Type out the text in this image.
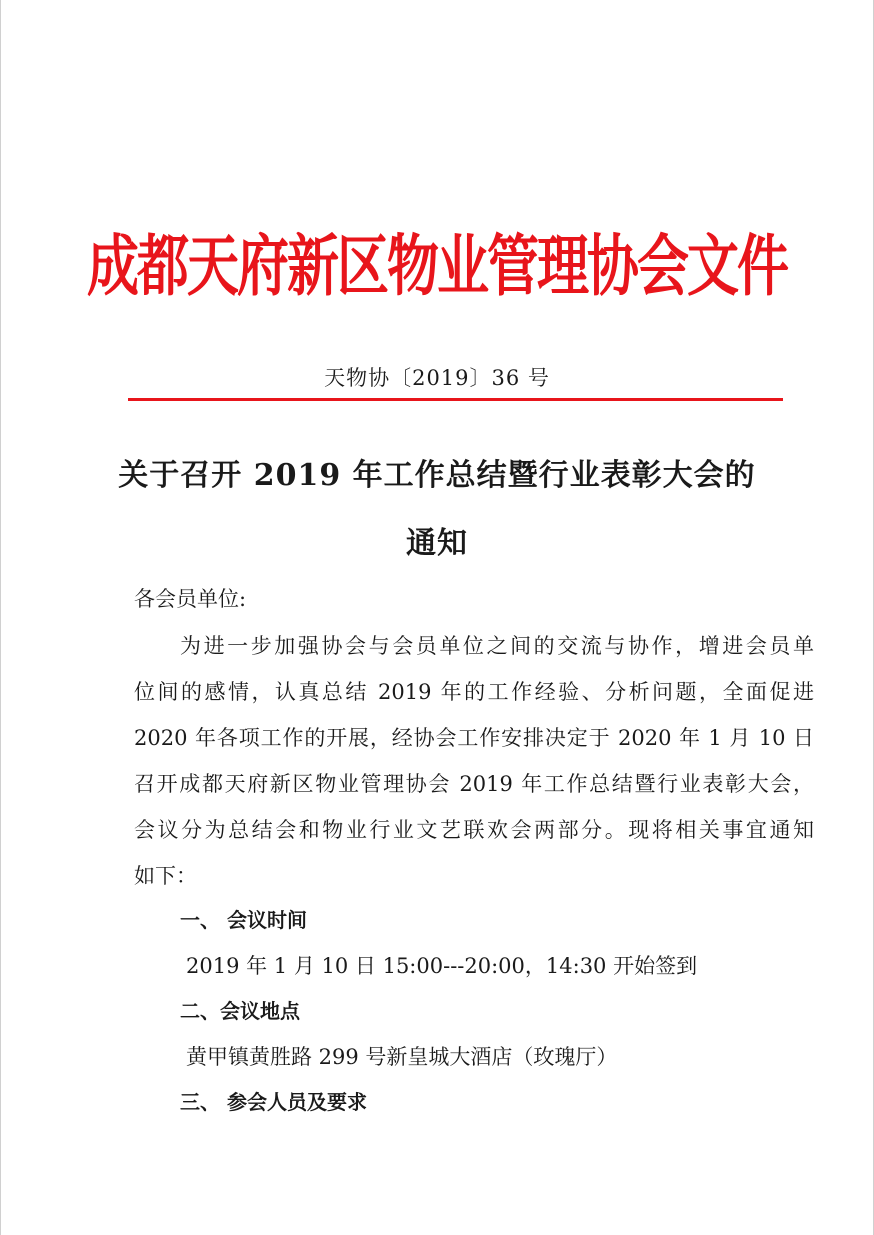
成都天府新区物业管理协会文件
天物协〔2019〕36 号
关于召开 2019 年工作总结暨行业表彰大会的
通知
各会员单位:
为进一步加强协会与会员单位之间的交流与协作，增进会员单
位间的感情，认真总结 2019 年的工作经验、分析问题，全面促进
2020 年各项工作的开展，经协会工作安排决定于 2020 年 1 月 10 日
召开成都天府新区物业管理协会 2019 年工作总结暨行业表彰大会，
会议分为总结会和物业行业文艺联欢会两部分。现将相关事宜通知
如下：
一、 会议时间
2019 年 1 月 10 日 15:00---20:00，14:30 开始签到
二、会议地点
黄甲镇黄胜路 299 号新皇城大酒店（玫瑰厅）
三、 参会人员及要求
